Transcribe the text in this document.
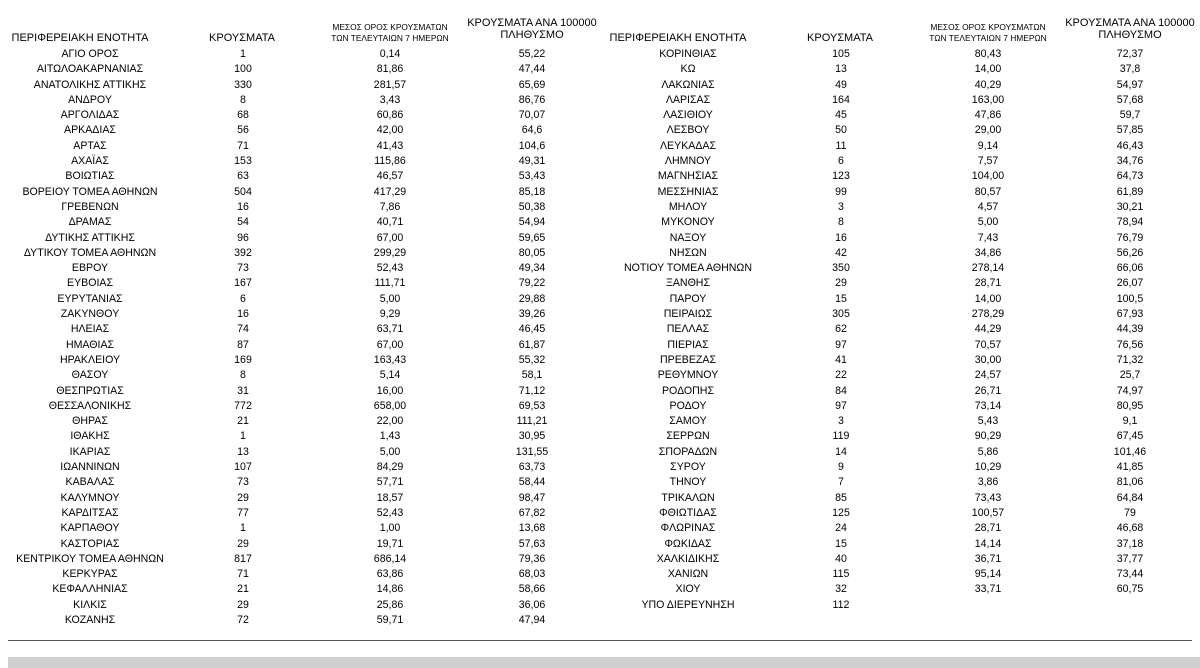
ΠΕΡΙΦΕΡΕΙΑΚΗ ΕΝΟΤΗΤΑ	ΚΡΟΥΣΜΑΤΑ
ΜΕΣΟΣ ΟΡΟΣ ΚΡΟΥΣΜΑΤΩΝ
ΤΩΝ ΤΕΛΕΥΤΑΙΩΝ 7 ΗΜΕΡΩΝ
ΚΡΟΥΣΜΑΤΑ ΑΝΑ 100000
ΠΛΗΘΥΣΜΟ
ΑΓΙΟ ΟΡΟΣ	1	0,14	55,22
ΑΙΤΩΛΟΑΚΑΡΝΑΝΙΑΣ	100	81,86	47,44
ΑΝΑΤΟΛΙΚΗΣ ΑΤΤΙΚΗΣ	330	281,57	65,69
ΑΝΔΡΟΥ	8	3,43	86,76
ΑΡΓΟΛΙΔΑΣ	68	60,86	70,07
ΑΡΚΑΔΙΑΣ	56	42,00	64,6
ΑΡΤΑΣ	71	41,43	104,6
ΑΧΑΪΑΣ	153	115,86	49,31
ΒΟΙΩΤΙΑΣ	63	46,57	53,43
ΒΟΡΕΙΟΥ ΤΟΜΕΑ ΑΘΗΝΩΝ	504	417,29	85,18
ΓΡΕΒΕΝΩΝ	16	7,86	50,38
ΔΡΑΜΑΣ	54	40,71	54,94
ΔΥΤΙΚΗΣ ΑΤΤΙΚΗΣ	96	67,00	59,65
ΔΥΤΙΚΟΥ ΤΟΜΕΑ ΑΘΗΝΩΝ	392	299,29	80,05
ΕΒΡΟΥ	73	52,43	49,34
ΕΥΒΟΙΑΣ	167	111,71	79,22
ΕΥΡΥΤΑΝΙΑΣ	6	5,00	29,88
ΖΑΚΥΝΘΟΥ	16	9,29	39,26
ΗΛΕΙΑΣ	74	63,71	46,45
ΗΜΑΘΙΑΣ	87	67,00	61,87
ΗΡΑΚΛΕΙΟΥ	169	163,43	55,32
ΘΑΣΟΥ	8	5,14	58,1
ΘΕΣΠΡΩΤΙΑΣ	31	16,00	71,12
ΘΕΣΣΑΛΟΝΙΚΗΣ	772	658,00	69,53
ΘΗΡΑΣ	21	22,00	111,21
ΙΘΑΚΗΣ	1	1,43	30,95
ΙΚΑΡΙΑΣ	13	5,00	131,55
ΙΩΑΝΝΙΝΩΝ	107	84,29	63,73
ΚΑΒΑΛΑΣ	73	57,71	58,44
ΚΑΛΥΜΝΟΥ	29	18,57	98,47
ΚΑΡΔΙΤΣΑΣ	77	52,43	67,82
ΚΑΡΠΑΘΟΥ	1	1,00	13,68
ΚΑΣΤΟΡΙΑΣ	29	19,71	57,63
ΚΕΝΤΡΙΚΟΥ ΤΟΜΕΑ ΑΘΗΝΩΝ	817	686,14	79,36
ΚΕΡΚΥΡΑΣ	71	63,86	68,03
ΚΕΦΑΛΛΗΝΙΑΣ	21	14,86	58,66
ΚΙΛΚΙΣ	29	25,86	36,06
ΚΟΖΑΝΗΣ	72	59,71	47,94
ΠΕΡΙΦΕΡΕΙΑΚΗ ΕΝΟΤΗΤΑ	ΚΡΟΥΣΜΑΤΑ
ΜΕΣΟΣ ΟΡΟΣ ΚΡΟΥΣΜΑΤΩΝ
ΤΩΝ ΤΕΛΕΥΤΑΙΩΝ 7 ΗΜΕΡΩΝ
ΚΡΟΥΣΜΑΤΑ ΑΝΑ 100000
ΠΛΗΘΥΣΜΟ
ΚΟΡΙΝΘΙΑΣ	105	80,43	72,37
ΚΩ	13	14,00	37,8
ΛΑΚΩΝΙΑΣ	49	40,29	54,97
ΛΑΡΙΣΑΣ	164	163,00	57,68
ΛΑΣΙΘΙΟΥ	45	47,86	59,7
ΛΕΣΒΟΥ	50	29,00	57,85
ΛΕΥΚΑΔΑΣ	11	9,14	46,43
ΛΗΜΝΟΥ	6	7,57	34,76
ΜΑΓΝΗΣΙΑΣ	123	104,00	64,73
ΜΕΣΣΗΝΙΑΣ	99	80,57	61,89
ΜΗΛΟΥ	3	4,57	30,21
ΜΥΚΟΝΟΥ	8	5,00	78,94
ΝΑΞΟΥ	16	7,43	76,79
ΝΗΣΩΝ	42	34,86	56,26
ΝΟΤΙΟΥ ΤΟΜΕΑ ΑΘΗΝΩΝ	350	278,14	66,06
ΞΑΝΘΗΣ	29	28,71	26,07
ΠΑΡΟΥ	15	14,00	100,5
ΠΕΙΡΑΙΩΣ	305	278,29	67,93
ΠΕΛΛΑΣ	62	44,29	44,39
ΠΙΕΡΙΑΣ	97	70,57	76,56
ΠΡΕΒΕΖΑΣ	41	30,00	71,32
ΡΕΘΥΜΝΟΥ	22	24,57	25,7
ΡΟΔΟΠΗΣ	84	26,71	74,97
ΡΟΔΟΥ	97	73,14	80,95
ΣΑΜΟΥ	3	5,43	9,1
ΣΕΡΡΩΝ	119	90,29	67,45
ΣΠΟΡΑΔΩΝ	14	5,86	101,46
ΣΥΡΟΥ	9	10,29	41,85
ΤΗΝΟΥ	7	3,86	81,06
ΤΡΙΚΑΛΩΝ	85	73,43	64,84
ΦΘΙΩΤΙΔΑΣ	125	100,57	79
ΦΛΩΡΙΝΑΣ	24	28,71	46,68
ΦΩΚΙΔΑΣ	15	14,14	37,18
ΧΑΛΚΙΔΙΚΗΣ	40	36,71	37,77
ΧΑΝΙΩΝ	115	95,14	73,44
ΧΙΟΥ	32	33,71	60,75
ΥΠΟ ΔΙΕΡΕΥΝΗΣΗ	112
